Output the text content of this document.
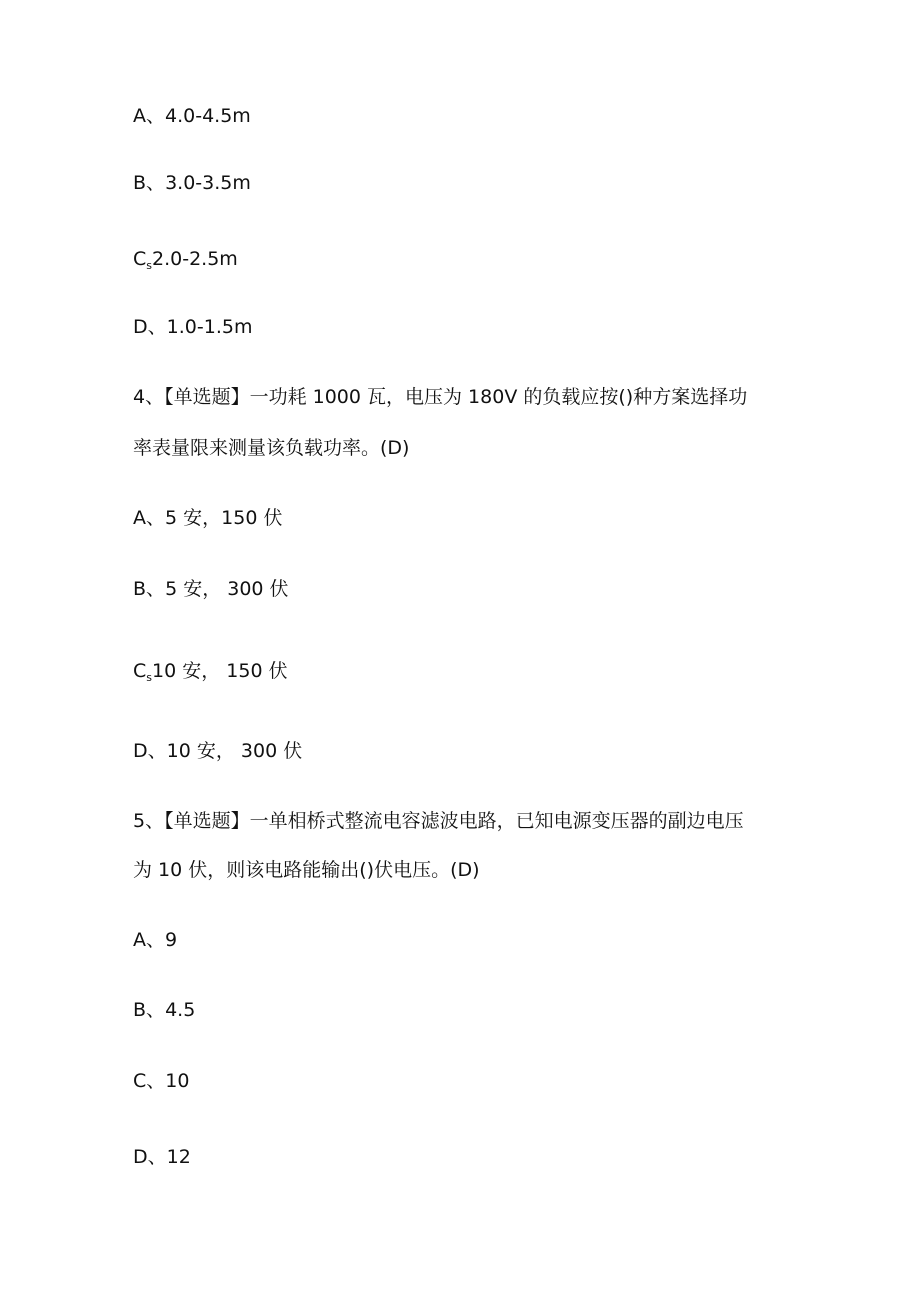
A、4.0-4.5m
B、3.0-3.5m
$C_s2.0-2.5m$
D、1.0-1.5m
4、【单选题】一功耗 1000 瓦，电压为 180V 的负载应按()种方案选择功
率表量限来测量该负载功率。(D)
A、5 安，150 伏
B、5 安， 300 伏
$C_s10$ 安， 150 伏
D、10 安， 300 伏
5、【单选题】一单相桥式整流电容滤波电路，已知电源变压器的副边电压
为 10 伏，则该电路能输出()伏电压。(D)
A、9
B、4.5
C、10
D、12
